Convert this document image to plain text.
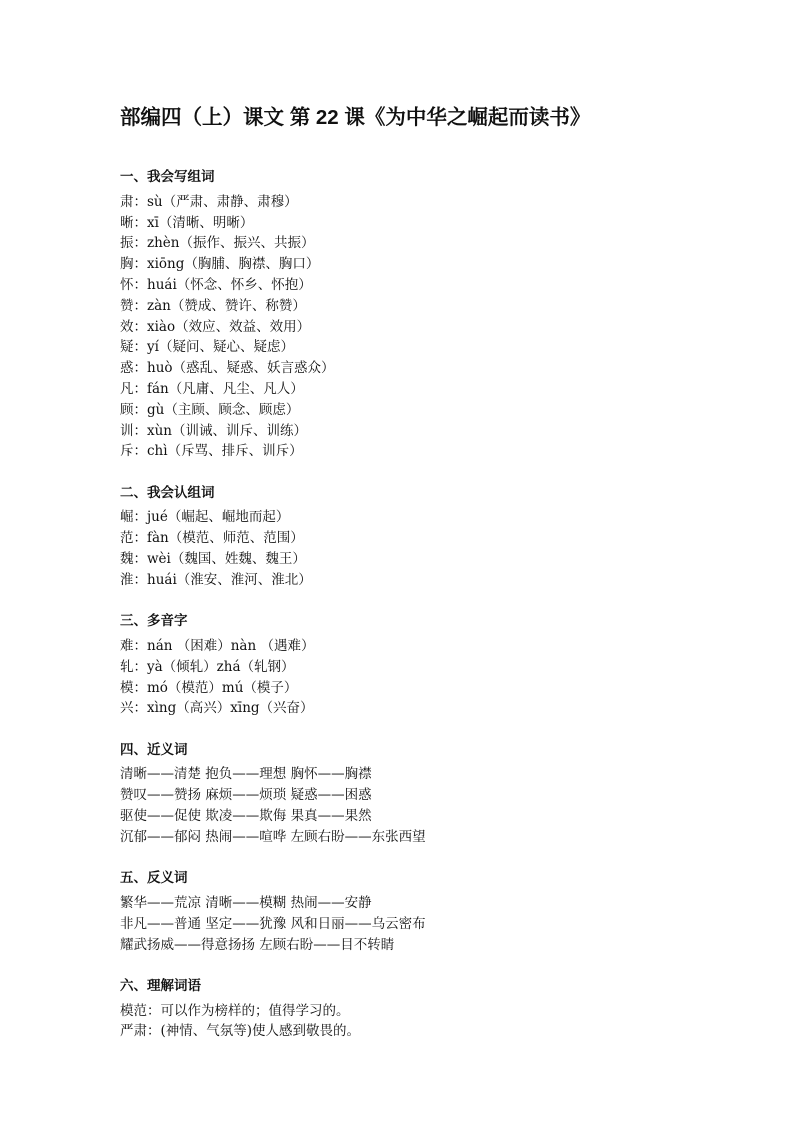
部编四（上）课文 第 22 课《为中华之崛起而读书》
一、我会写组词
肃：sù（严肃、肃静、肃穆）
晰：xī（清晰、明晰）
振：zhèn（振作、振兴、共振）
胸：xiōng（胸脯、胸襟、胸口）
怀：huái（怀念、怀乡、怀抱）
赞：zàn（赞成、赞许、称赞）
效：xiào（效应、效益、效用）
疑：yí（疑问、疑心、疑虑）
惑：huò（惑乱、疑惑、妖言惑众）
凡：fán（凡庸、凡尘、凡人）
顾：gù（主顾、顾念、顾虑）
训：xùn（训诫、训斥、训练）
斥：chì（斥骂、排斥、训斥）
二、我会认组词
崛：jué（崛起、崛地而起）
范：fàn（模范、师范、范围）
魏：wèi（魏国、姓魏、魏王）
淮：huái（淮安、淮河、淮北）
三、多音字
难：nán （困难）nàn （遇难）
轧：yà（倾轧）zhá（轧钢）
模：mó（模范）mú（模子）
兴：xìng（高兴）xīng（兴奋）
四、近义词
清晰——清楚 抱负——理想 胸怀——胸襟
赞叹——赞扬 麻烦——烦琐 疑惑——困惑
驱使——促使 欺凌——欺侮 果真——果然
沉郁——郁闷 热闹——喧哗 左顾右盼——东张西望
五、反义词
繁华——荒凉 清晰——模糊 热闹——安静
非凡——普通 坚定——犹豫 风和日丽——乌云密布
耀武扬威——得意扬扬 左顾右盼——目不转睛
六、理解词语
模范：可以作为榜样的；值得学习的。
严肃：(神情、气氛等)使人感到敬畏的。
